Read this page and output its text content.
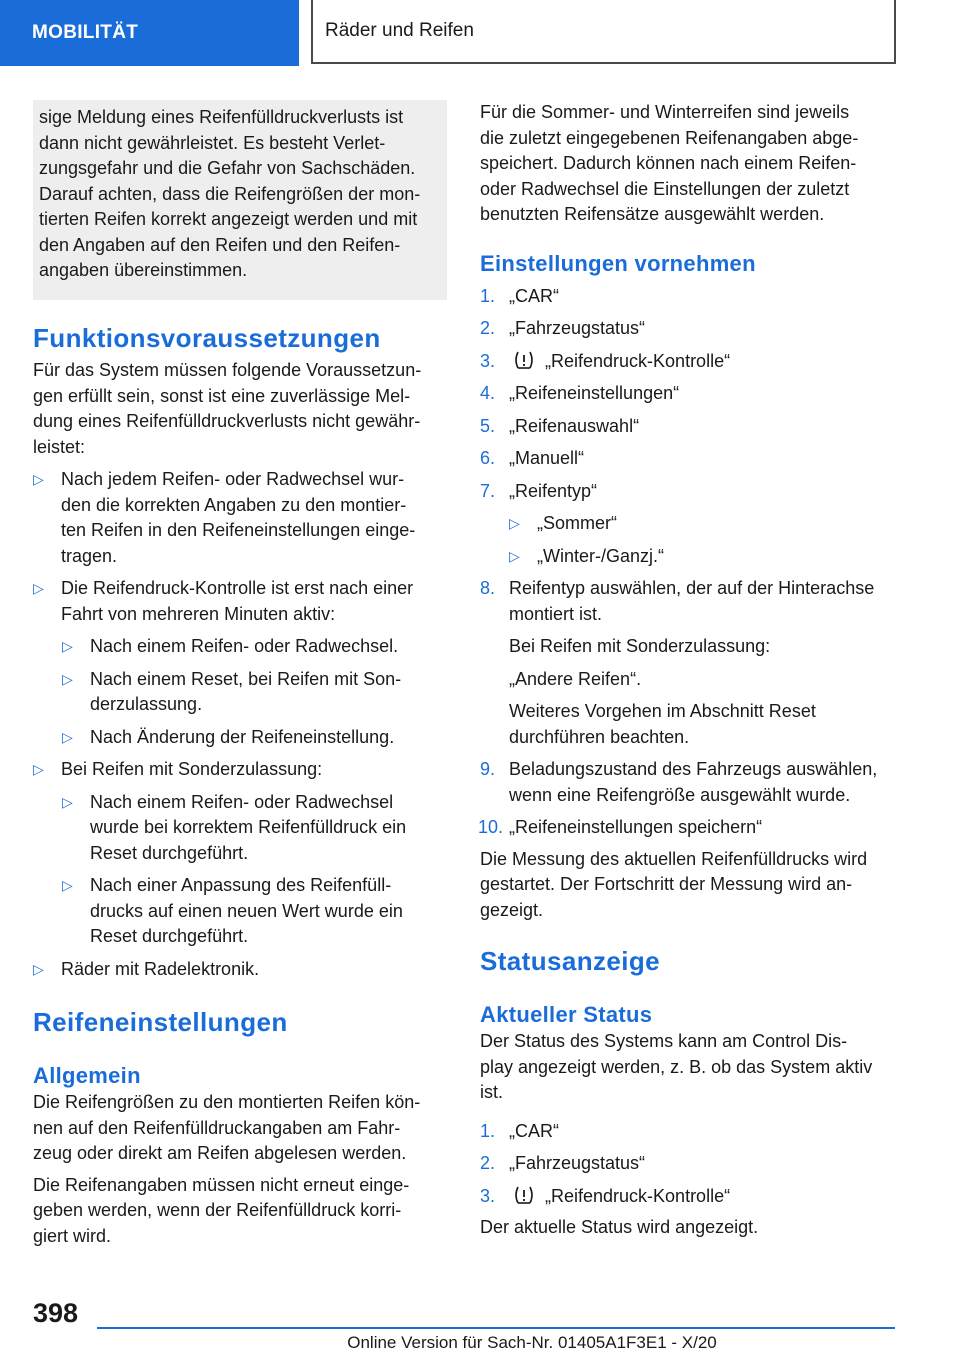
MOBILITÄT	Räder und Reifen
sige Meldung eines Reifenfülldruckverlusts ist
dann nicht gewährleistet. Es besteht Verlet-
zungsgefahr und die Gefahr von Sachschäden.
Darauf achten, dass die Reifengrößen der mon-
tierten Reifen korrekt angezeigt werden und mit
den Angaben auf den Reifen und den Reifen-
angaben übereinstimmen.
Funktionsvoraussetzungen
Für das System müssen folgende Voraussetzun-
gen erfüllt sein, sonst ist eine zuverlässige Mel-
dung eines Reifenfülldruckverlusts nicht gewähr-
leistet:
▷ Nach jedem Reifen- oder Radwechsel wur-
den die korrekten Angaben zu den montier-
ten Reifen in den Reifeneinstellungen einge-
tragen.
▷ Die Reifendruck-Kontrolle ist erst nach einer
Fahrt von mehreren Minuten aktiv:
▷ Nach einem Reifen- oder Radwechsel.
▷ Nach einem Reset, bei Reifen mit Son-
derzulassung.
▷ Nach Änderung der Reifeneinstellung.
▷ Bei Reifen mit Sonderzulassung:
▷ Nach einem Reifen- oder Radwechsel
wurde bei korrektem Reifenfülldruck ein
Reset durchgeführt.
▷ Nach einer Anpassung des Reifenfüll-
drucks auf einen neuen Wert wurde ein
Reset durchgeführt.
▷ Räder mit Radelektronik.
Reifeneinstellungen
Allgemein
Die Reifengrößen zu den montierten Reifen kön-
nen auf den Reifenfülldruckangaben am Fahr-
zeug oder direkt am Reifen abgelesen werden.
Die Reifenangaben müssen nicht erneut einge-
geben werden, wenn der Reifenfülldruck korri-
giert wird.
Für die Sommer- und Winterreifen sind jeweils
die zuletzt eingegebenen Reifenangaben abge-
speichert. Dadurch können nach einem Reifen-
oder Radwechsel die Einstellungen der zuletzt
benutzten Reifensätze ausgewählt werden.
Einstellungen vornehmen
1. „CAR“
2. „Fahrzeugstatus“
3.	„Reifendruck-Kontrolle“
4. „Reifeneinstellungen“
5. „Reifenauswahl“
6. „Manuell“
7. „Reifentyp“
▷ „Sommer“
▷ „Winter-/Ganzj.“
8. Reifentyp auswählen, der auf der Hinterachse
montiert ist.
Bei Reifen mit Sonderzulassung:
„Andere Reifen“.
Weiteres Vorgehen im Abschnitt Reset
durchführen beachten.
9. Beladungszustand des Fahrzeugs auswählen,
wenn eine Reifengröße ausgewählt wurde.
10. „Reifeneinstellungen speichern“
Die Messung des aktuellen Reifenfülldrucks wird
gestartet. Der Fortschritt der Messung wird an-
gezeigt.
Statusanzeige
Aktueller Status
Der Status des Systems kann am Control Dis-
play angezeigt werden, z. B. ob das System aktiv
ist.
1. „CAR“
2. „Fahrzeugstatus“
3.	„Reifendruck-Kontrolle“
Der aktuelle Status wird angezeigt.
398
Online Version für Sach-Nr. 01405A1F3E1 - X/20
